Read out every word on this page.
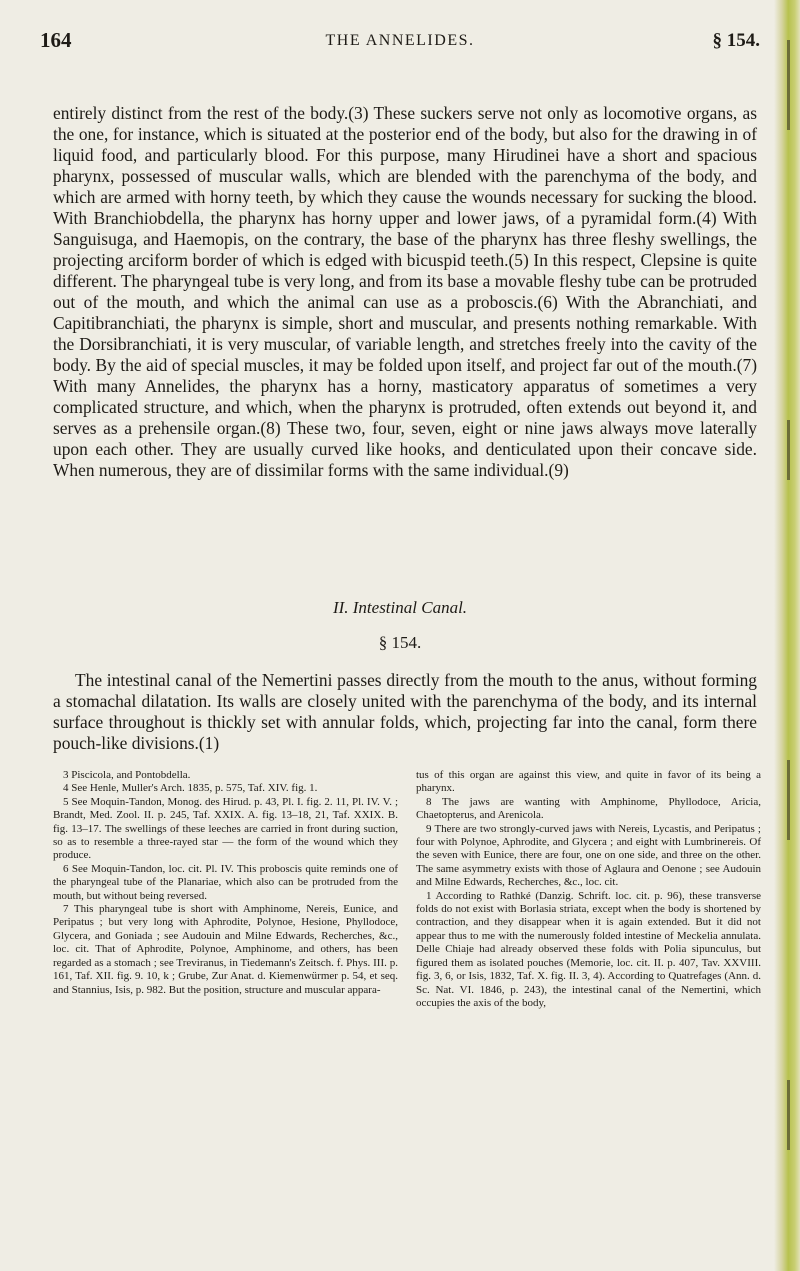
164	THE ANNELIDES.	§ 154.

entirely distinct from the rest of the body.(3) These suckers serve not only as locomotive organs, as the one, for instance, which is situated at the posterior end of the body, but also for the drawing in of liquid food, and particularly blood. For this purpose, many Hirudinei have a short and spacious pharynx, possessed of muscular walls, which are blended with the parenchyma of the body, and which are armed with horny teeth, by which they cause the wounds necessary for sucking the blood. With Branchiobdella, the pharynx has horny upper and lower jaws, of a pyramidal form.(4) With Sanguisuga, and Haemopis, on the contrary, the base of the pharynx has three fleshy swellings, the projecting arciform border of which is edged with bicuspid teeth.(5) In this respect, Clepsine is quite different. The pharyngeal tube is very long, and from its base a movable fleshy tube can be protruded out of the mouth, and which the animal can use as a proboscis.(6) With the Abranchiati, and Capitibranchiati, the pharynx is simple, short and muscular, and presents nothing remarkable. With the Dorsibranchiati, it is very muscular, of variable length, and stretches freely into the cavity of the body. By the aid of special muscles, it may be folded upon itself, and project far out of the mouth.(7) With many Annelides, the pharynx has a horny, masticatory apparatus of sometimes a very complicated structure, and which, when the pharynx is protruded, often extends out beyond it, and serves as a prehensile organ.(8) These two, four, seven, eight or nine jaws always move laterally upon each other. They are usually curved like hooks, and denticulated upon their concave side. When numerous, they are of dissimilar forms with the same individual.(9)

II. Intestinal Canal.
§ 154.

The intestinal canal of the Nemertini passes directly from the mouth to the anus, without forming a stomachal dilatation. Its walls are closely united with the parenchyma of the body, and its internal surface throughout is thickly set with annular folds, which, projecting far into the canal, form there pouch-like divisions.(1)

3 Piscicola, and Pontobdella.

4 See Henle, Muller's Arch. 1835, p. 575, Taf. XIV. fig. 1.

5 See Moquin-Tandon, Monog. des Hirud. p. 43, Pl. I. fig. 2. 11, Pl. IV. V. ; Brandt, Med. Zool. II. p. 245, Taf. XXIX. A. fig. 13–18, 21, Taf. XXIX. B. fig. 13–17. The swellings of these leeches are carried in front during suction, so as to resemble a three-rayed star — the form of the wound which they produce.

6 See Moquin-Tandon, loc. cit. Pl. IV. This proboscis quite reminds one of the pharyngeal tube of the Planariae, which also can be protruded from the mouth, but without being reversed.

7 This pharyngeal tube is short with Amphinome, Nereis, Eunice, and Peripatus ; but very long with Aphrodite, Polynoe, Hesione, Phyllodoce, Glycera, and Goniada ; see Audouin and Milne Edwards, Recherches, &c., loc. cit. That of Aphrodite, Polynoe, Amphinome, and others, has been regarded as a stomach ; see Treviranus, in Tiedemann's Zeitsch. f. Phys. III. p. 161, Taf. XII. fig. 9. 10, k ; Grube, Zur Anat. d. Kiemenwürmer p. 54, et seq. and Stannius, Isis, p. 982. But the position, structure and muscular appara-

tus of this organ are against this view, and quite in favor of its being a pharynx.

8 The jaws are wanting with Amphinome, Phyllodoce, Aricia, Chaetopterus, and Arenicola.

9 There are two strongly-curved jaws with Nereis, Lycastis, and Peripatus ; four with Polynoe, Aphrodite, and Glycera ; and eight with Lumbrinereis. Of the seven with Eunice, there are four, one on one side, and three on the other. The same asymmetry exists with those of Aglaura and Oenone ; see Audouin and Milne Edwards, Recherches, &c., loc. cit.

1 According to Rathké (Danzig. Schrift. loc. cit. p. 96), these transverse folds do not exist with Borlasia striata, except when the body is shortened by contraction, and they disappear when it is again extended. But it did not appear thus to me with the numerously folded intestine of Meckelia annulata. Delle Chiaje had already observed these folds with Polia sipunculus, but figured them as isolated pouches (Memorie, loc. cit. II. p. 407, Tav. XXVIII. fig. 3, 6, or Isis, 1832, Taf. X. fig. II. 3, 4). According to Quatrefages (Ann. d. Sc. Nat. VI. 1846, p. 243), the intestinal canal of the Nemertini, which occupies the axis of the body,
